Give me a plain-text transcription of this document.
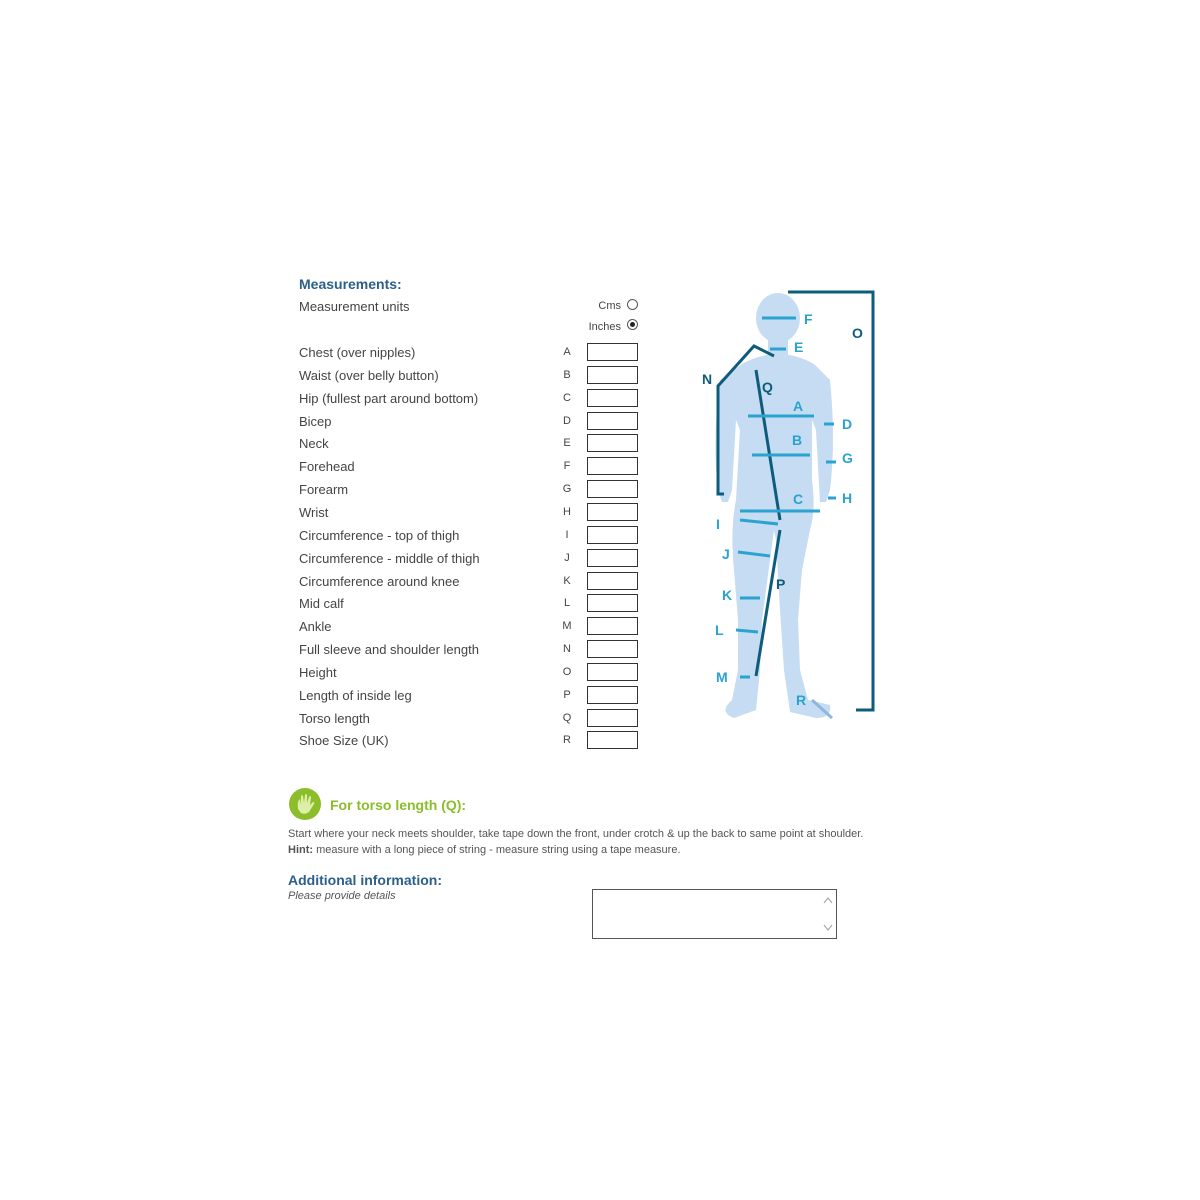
Measurements:
Measurement units	Cms
Inches
Chest (over nipples)	A
Waist (over belly button)	B
Hip (fullest part around bottom)	C
Bicep	D
Neck	E
Forehead	F
Forearm	G
Wrist	H
Circumference - top of thigh	I
Circumference - middle of thigh	J
Circumference around knee	K
Mid calf	L
Ankle	M
Full sleeve and shoulder length	N
Height	O
Length of inside leg	P
Torso length	Q
Shoe Size (UK)	R
F
E
A
B
C
D
G
H
I
J
K
L
M
R
N
O
Q
P
For torso length (Q):
Start where your neck meets shoulder, take tape down the front, under crotch & up the back to same point at shoulder.
Hint: measure with a long piece of string - measure string using a tape measure.
Additional information:
Please provide details
